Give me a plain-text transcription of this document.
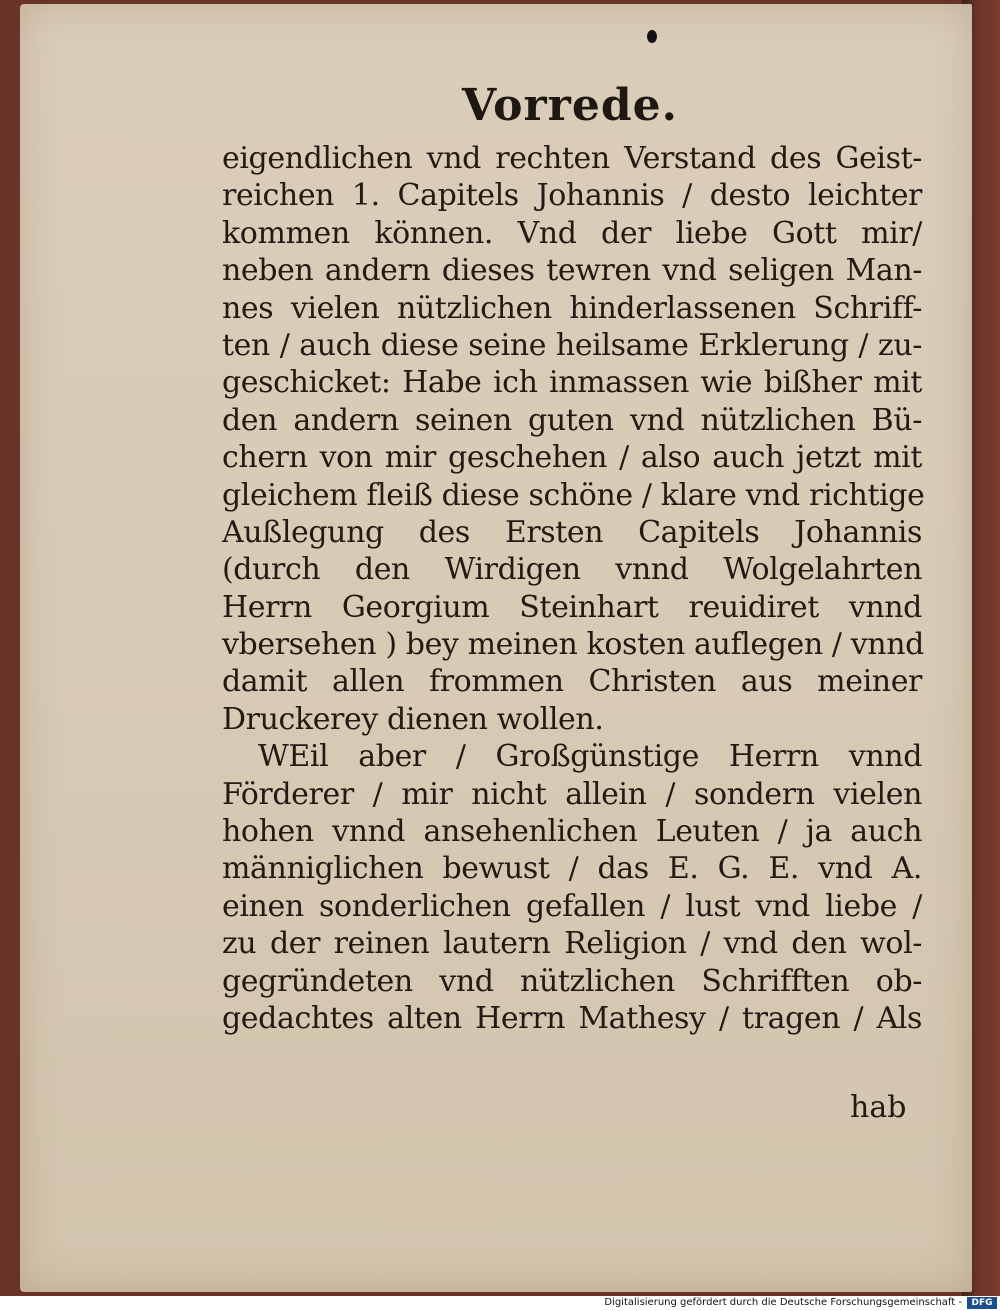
Vorrede.
eigendlichen vnd rechten Verstand des Geist-
reichen 1. Capitels Johannis / desto leichter
kommen können. Vnd der liebe Gott mir/
neben andern dieses tewren vnd seligen Man-
nes vielen nützlichen hinderlassenen Schriff-
ten / auch diese seine heilsame Erklerung / zu-
geschicket: Habe ich inmassen wie bißher mit
den andern seinen guten vnd nützlichen Bü-
chern von mir geschehen / also auch jetzt mit
gleichem fleiß diese schöne / klare vnd richtige
Außlegung des Ersten Capitels Johannis
(durch den Wirdigen vnnd Wolgelahrten
Herrn Georgium Steinhart reuidiret vnnd
vbersehen ) bey meinen kosten auflegen / vnnd
damit allen frommen Christen aus meiner
Druckerey dienen wollen.
WEil aber / Großgünstige Herrn vnnd
Förderer / mir nicht allein / sondern vielen
hohen vnnd ansehenlichen Leuten / ja auch
männiglichen bewust / das E. G. E. vnd A.
einen sonderlichen gefallen / lust vnd liebe /
zu der reinen lautern Religion / vnd den wol-
gegründeten vnd nützlichen Schrifften ob-
gedachtes alten Herrn Mathesy / tragen / Als
hab
Digitalisierung gefördert durch die Deutsche Forschungsgemeinschaft -	DFG
